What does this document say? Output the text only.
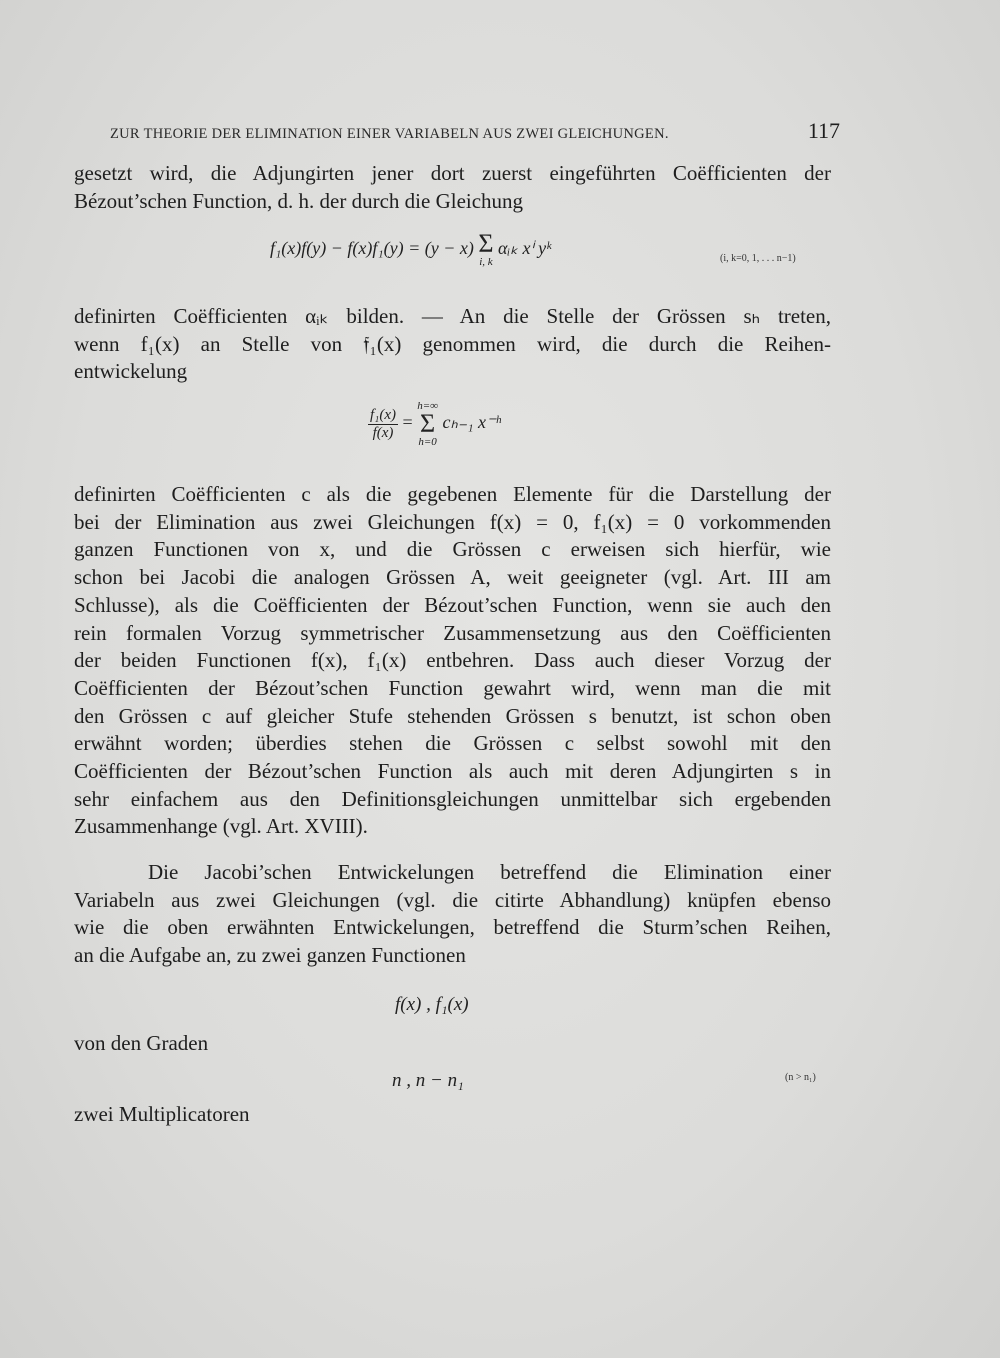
ZUR THEORIE DER ELIMINATION EINER VARIABELN AUS ZWEI GLEICHUNGEN.	117
gesetzt wird, die Adjungirten jener dort zuerst eingeführten Coëfficienten der
Bézout’schen Function, d. h. der durch die Gleichung
f₁(x)f(y) − f(x)f₁(y) = (y − x) Σ
i, k
αᵢₖ xⁱ yᵏ
(i, k=0, 1, . . . n−1)
definirten Coëfficienten αᵢₖ bilden. — An die Stelle der Grössen sₕ treten,
wenn f₁(x) an Stelle von 𝔣₁(x) genommen wird, die durch die Reihen-
entwickelung
$\frac{\text{f₁(x)}}{f(x)}$ =
h=∞
Σ
h=0
cₕ₋₁ x⁻ʰ
definirten Coëfficienten c als die gegebenen Elemente für die Darstellung der
bei der Elimination aus zwei Gleichungen f(x) = 0, f₁(x) = 0 vorkommenden
ganzen Functionen von x, und die Grössen c erweisen sich hierfür, wie
schon bei Jacobi die analogen Grössen A, weit geeigneter (vgl. Art. III am
Schlusse), als die Coëfficienten der Bézout’schen Function, wenn sie auch den
rein formalen Vorzug symmetrischer Zusammensetzung aus den Coëfficienten
der beiden Functionen f(x), f₁(x) entbehren. Dass auch dieser Vorzug der
Coëfficienten der Bézout’schen Function gewahrt wird, wenn man die mit
den Grössen c auf gleicher Stufe stehenden Grössen s benutzt, ist schon oben
erwähnt worden; überdies stehen die Grössen c selbst sowohl mit den
Coëfficienten der Bézout’schen Function als auch mit deren Adjungirten s in
sehr einfachem aus den Definitionsgleichungen unmittelbar sich ergebenden
Zusammenhange (vgl. Art. XVIII).
Die Jacobi’schen Entwickelungen betreffend die Elimination einer
Variabeln aus zwei Gleichungen (vgl. die citirte Abhandlung) knüpfen ebenso
wie die oben erwähnten Entwickelungen, betreffend die Sturm’schen Reihen,
an die Aufgabe an, zu zwei ganzen Functionen
f(x) , f₁(x)
von den Graden
n , n − n₁	(n > n₁)
zwei Multiplicatoren
